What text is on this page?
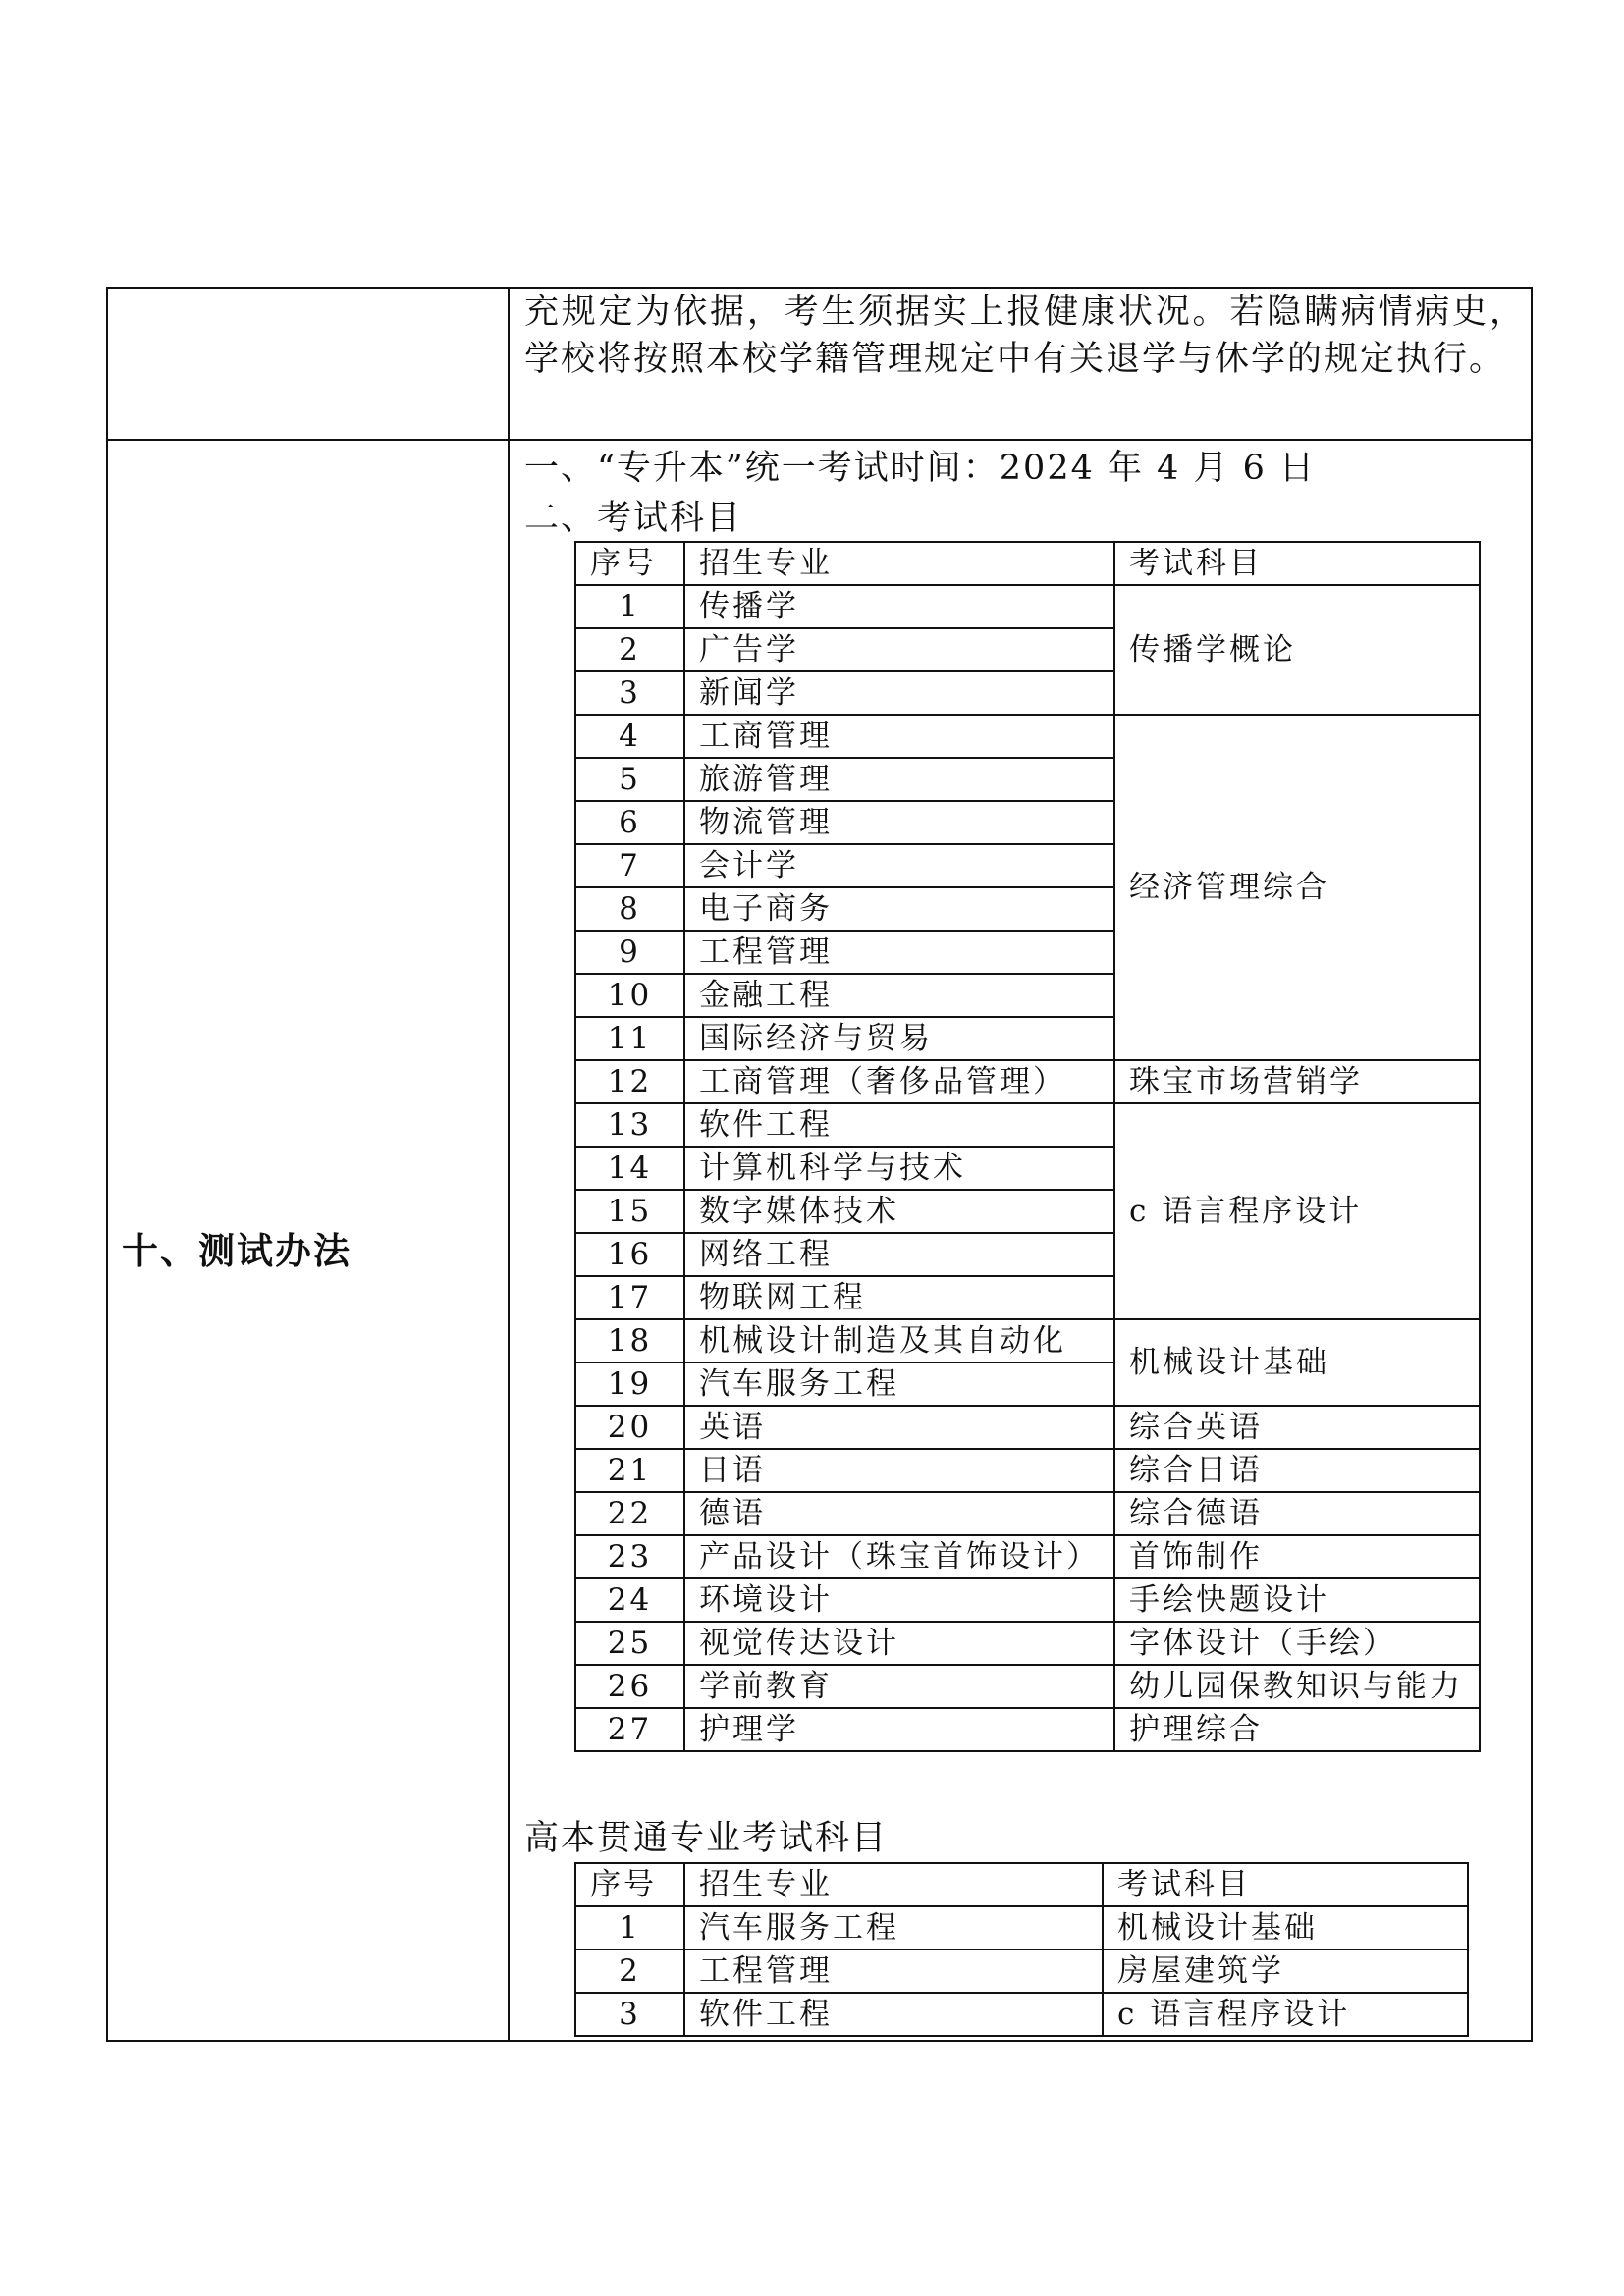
充规定为依据，考生须据实上报健康状况。若隐瞒病情病史，学校将按照本校学籍管理规定中有关退学与休学的规定执行。
十、测试办法
一、“专升本”统一考试时间：2024 年 4 月 6 日
二、考试科目
序号	招生专业	考试科目
1	传播学	传播学概论
2	广告学	
3	新闻学	
4	工商管理	经济管理综合
5	旅游管理	
6	物流管理	
7	会计学	
8	电子商务	
9	工程管理	
10	金融工程	
11	国际经济与贸易	
12	工商管理（奢侈品管理）	珠宝市场营销学
13	软件工程	c 语言程序设计
14	计算机科学与技术	
15	数字媒体技术	
16	网络工程	
17	物联网工程	
18	机械设计制造及其自动化	机械设计基础
19	汽车服务工程	
20	英语	综合英语
21	日语	综合日语
22	德语	综合德语
23	产品设计（珠宝首饰设计）	首饰制作
24	环境设计	手绘快题设计
25	视觉传达设计	字体设计（手绘）
26	学前教育	幼儿园保教知识与能力
27	护理学	护理综合
高本贯通专业考试科目
序号	招生专业	考试科目
1	汽车服务工程	机械设计基础
2	工程管理	房屋建筑学
3	软件工程	c 语言程序设计
